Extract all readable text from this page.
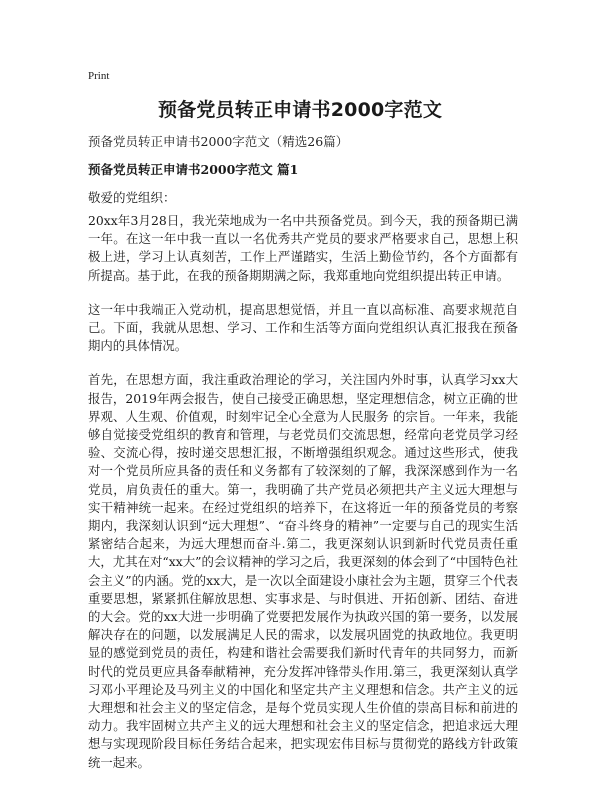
Print
预备党员转正申请书2000字范文
预备党员转正申请书2000字范文（精选26篇）
预备党员转正申请书2000字范文 篇1
敬爱的党组织：

20xx年3月28日，我光荣地成为一名中共预备党员。到今天，我的预备期已满一年。在这一年中我一直以一名优秀共产党员的要求严格要求自己，思想上积极上进，学习上认真刻苦，工作上严谨踏实，生活上勤俭节约，各个方面都有所提高。基于此，在我的预备期期满之际，我郑重地向党组织提出转正申请。

这一年中我端正入党动机，提高思想觉悟，并且一直以高标准、高要求规范自己。下面，我就从思想、学习、工作和生活等方面向党组织认真汇报我在预备期内的具体情况。

首先，在思想方面，我注重政治理论的学习，关注国内外时事，认真学习xx大报告，2019年两会报告，使自己接受正确思想，坚定理想信念，树立正确的世界观、人生观、价值观，时刻牢记全心全意为人民服务 的宗旨。一年来，我能够自觉接受党组织的教育和管理，与老党员们交流思想，经常向老党员学习经验、交流心得，按时递交思想汇报，不断增强组织观念。通过这些形式，使我对一个党员所应具备的责任和义务都有了较深刻的了解，我深深感到作为一名党员，肩负责任的重大。第一，我明确了共产党员必须把共产主义远大理想与实干精神统一起来。在经过党组织的培养下，在这将近一年的预备党员的考察期内，我深刻认识到“远大理想”、“奋斗终身的精神”一定要与自己的现实生活紧密结合起来，为远大理想而奋斗.第二，我更深刻认识到新时代党员责任重大，尤其在对“xx大”的会议精神的学习之后，我更深刻的体会到了“中国特色社会主义”的内涵。党的xx大，是一次以全面建设小康社会为主题，贯穿三个代表重要思想，紧紧抓住解放思想、实事求是、与时俱进、开拓创新、团结、奋进的大会。党的xx大进一步明确了党要把发展作为执政兴国的第一要务，以发展解决存在的问题，以发展满足人民的需求，以发展巩固党的执政地位。我更明显的感觉到党员的责任，构建和谐社会需要我们新时代青年的共同努力，而新时代的党员更应具备奉献精神，充分发挥冲锋带头作用.第三，我更深刻认真学习邓小平理论及马列主义的中国化和坚定共产主义理想和信念。共产主义的远大理想和社会主义的坚定信念，是每个党员实现人生价值的崇高目标和前进的动力。我牢固树立共产主义的远大理想和社会主义的坚定信念，把追求远大理想与实现现阶段目标任务结合起来，把实现宏伟目标与贯彻党的路线方针政策统一起来。
